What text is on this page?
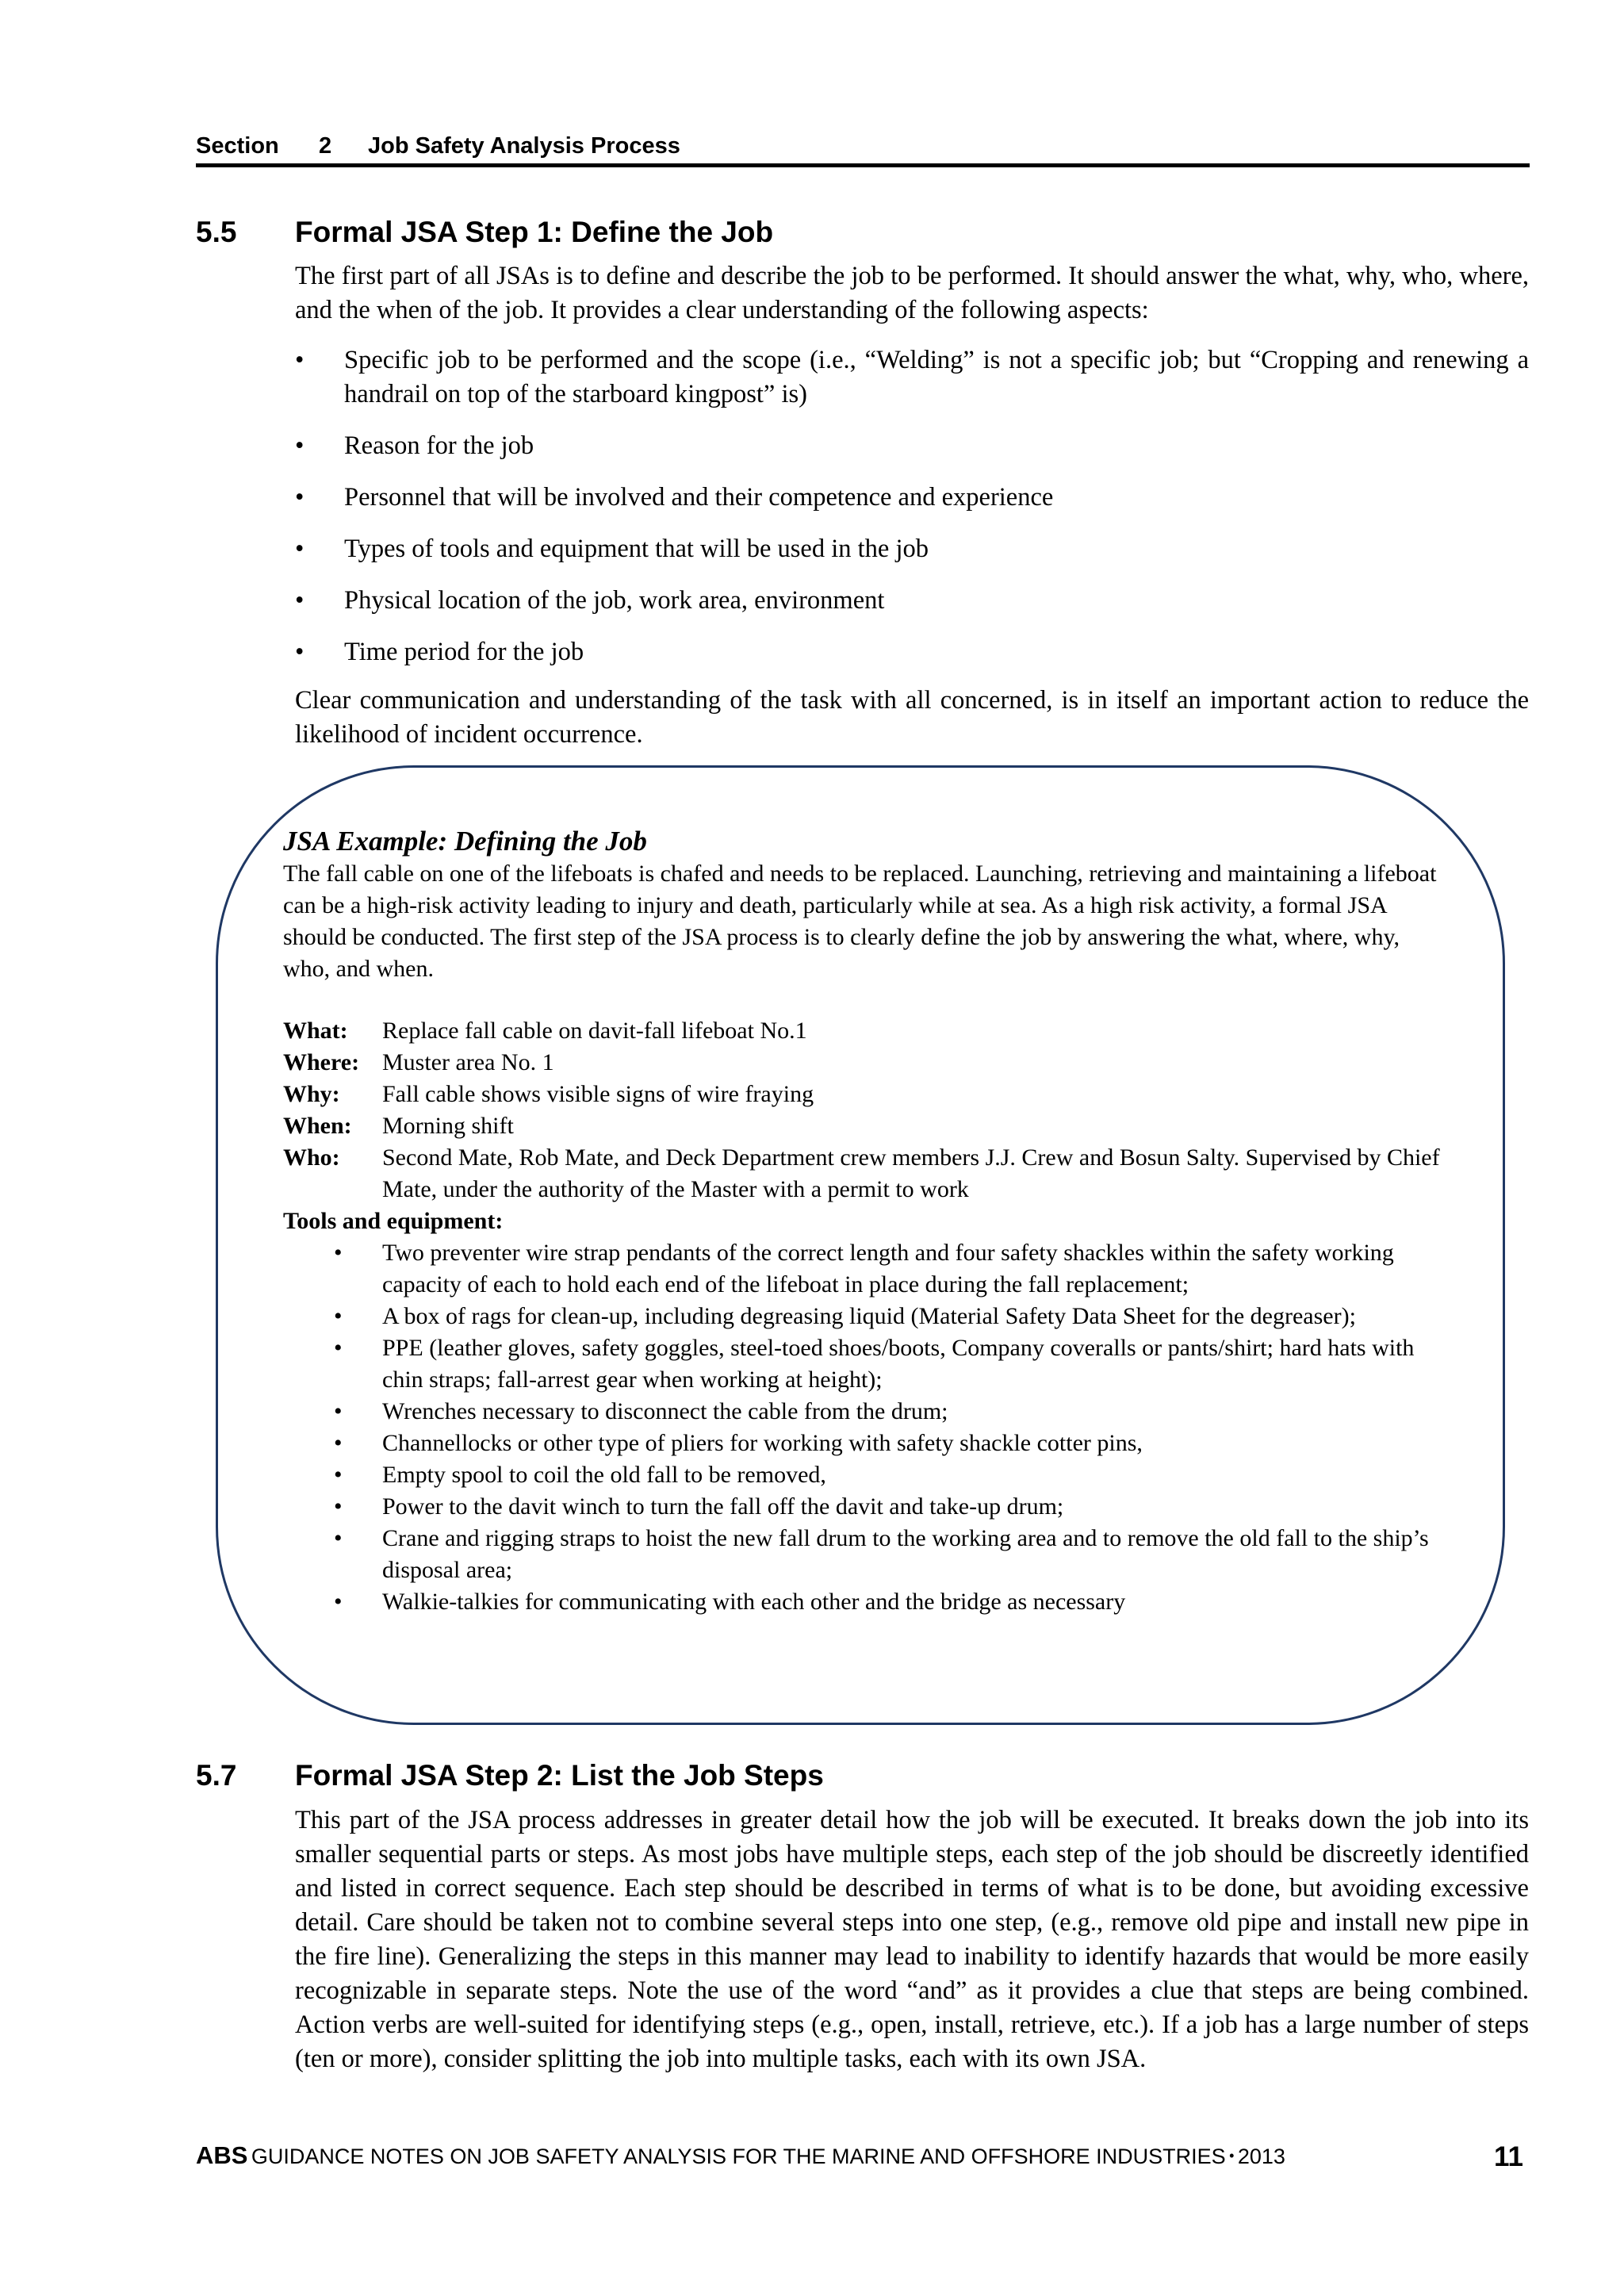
Section 2 Job Safety Analysis Process
5.5 Formal JSA Step 1: Define the Job
The first part of all JSAs is to define and describe the job to be performed. It should answer the what, why, who, where, and the when of the job. It provides a clear understanding of the following aspects:
• Specific job to be performed and the scope (i.e., “Welding” is not a specific job; but “Cropping and renewing a handrail on top of the starboard kingpost” is)
• Reason for the job
• Personnel that will be involved and their competence and experience
• Types of tools and equipment that will be used in the job
• Physical location of the job, work area, environment
• Time period for the job
Clear communication and understanding of the task with all concerned, is in itself an important action to reduce the likelihood of incident occurrence.
JSA Example: Defining the Job
The fall cable on one of the lifeboats is chafed and needs to be replaced. Launching, retrieving and maintaining a lifeboat can be a high-risk activity leading to injury and death, particularly while at sea. As a high risk activity, a formal JSA should be conducted. The first step of the JSA process is to clearly define the job by answering the what, where, why, who, and when.
What:	Replace fall cable on davit-fall lifeboat No.1
Where: Muster area No. 1
Why:	Fall cable shows visible signs of wire fraying
When:	Morning shift
Who:	Second Mate, Rob Mate, and Deck Department crew members J.J. Crew and Bosun Salty. Supervised by Chief Mate, under the authority of the Master with a permit to work
Tools and equipment:
• Two preventer wire strap pendants of the correct length and four safety shackles within the safety working capacity of each to hold each end of the lifeboat in place during the fall replacement;
• A box of rags for clean-up, including degreasing liquid (Material Safety Data Sheet for the degreaser);
• PPE (leather gloves, safety goggles, steel-toed shoes/boots, Company coveralls or pants/shirt; hard hats with chin straps; fall-arrest gear when working at height);
• Wrenches necessary to disconnect the cable from the drum;
• Channellocks or other type of pliers for working with safety shackle cotter pins,
• Empty spool to coil the old fall to be removed,
• Power to the davit winch to turn the fall off the davit and take-up drum;
• Crane and rigging straps to hoist the new fall drum to the working area and to remove the old fall to the ship’s disposal area;
• Walkie-talkies for communicating with each other and the bridge as necessary
5.7 Formal JSA Step 2: List the Job Steps
This part of the JSA process addresses in greater detail how the job will be executed. It breaks down the job into its smaller sequential parts or steps. As most jobs have multiple steps, each step of the job should be discreetly identified and listed in correct sequence. Each step should be described in terms of what is to be done, but avoiding excessive detail. Care should be taken not to combine several steps into one step, (e.g., remove old pipe and install new pipe in the fire line). Generalizing the steps in this manner may lead to inability to identify hazards that would be more easily recognizable in separate steps. Note the use of the word “and” as it provides a clue that steps are being combined. Action verbs are well-suited for identifying steps (e.g., open, install, retrieve, etc.). If a job has a large number of steps (ten or more), consider splitting the job into multiple tasks, each with its own JSA.
ABS GUIDANCE NOTES ON JOB SAFETY ANALYSIS FOR THE MARINE AND OFFSHORE INDUSTRIES • 2013	11
